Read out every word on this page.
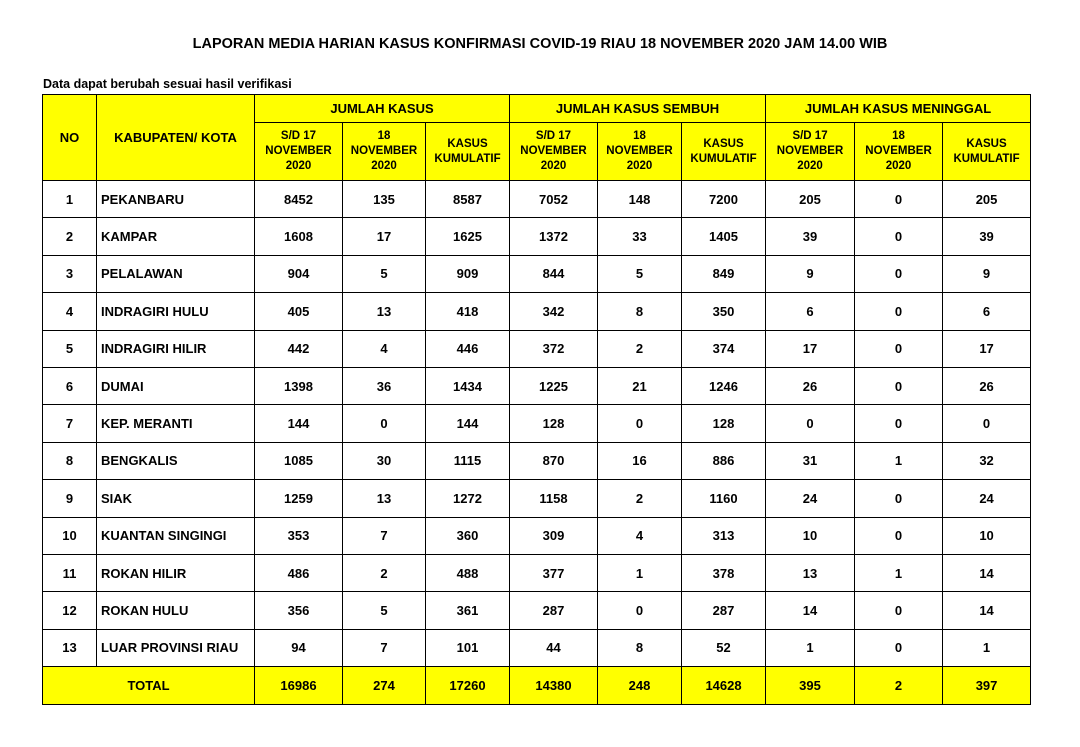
LAPORAN MEDIA HARIAN KASUS KONFIRMASI COVID-19 RIAU 18 NOVEMBER 2020 JAM 14.00 WIB
Data dapat berubah sesuai hasil verifikasi
NO	KABUPATEN/ KOTA	JUMLAH KASUS			JUMLAH KASUS SEMBUH			JUMLAH KASUS MENINGGAL		
		S/D 17
NOVEMBER
2020	18
NOVEMBER
2020	KASUS
KUMULATIF	S/D 17
NOVEMBER
2020	18
NOVEMBER
2020	KASUS
KUMULATIF	S/D 17
NOVEMBER
2020	18
NOVEMBER
2020	KASUS
KUMULATIF
1	PEKANBARU	8452	135	8587	7052	148	7200	205	0	205
2	KAMPAR	1608	17	1625	1372	33	1405	39	0	39
3	PELALAWAN	904	5	909	844	5	849	9	0	9
4	INDRAGIRI HULU	405	13	418	342	8	350	6	0	6
5	INDRAGIRI HILIR	442	4	446	372	2	374	17	0	17
6	DUMAI	1398	36	1434	1225	21	1246	26	0	26
7	KEP. MERANTI	144	0	144	128	0	128	0	0	0
8	BENGKALIS	1085	30	1115	870	16	886	31	1	32
9	SIAK	1259	13	1272	1158	2	1160	24	0	24
10	KUANTAN SINGINGI	353	7	360	309	4	313	10	0	10
11	ROKAN HILIR	486	2	488	377	1	378	13	1	14
12	ROKAN HULU	356	5	361	287	0	287	14	0	14
13	LUAR PROVINSI RIAU	94	7	101	44	8	52	1	0	1
TOTAL		16986	274	17260	14380	248	14628	395	2	397
